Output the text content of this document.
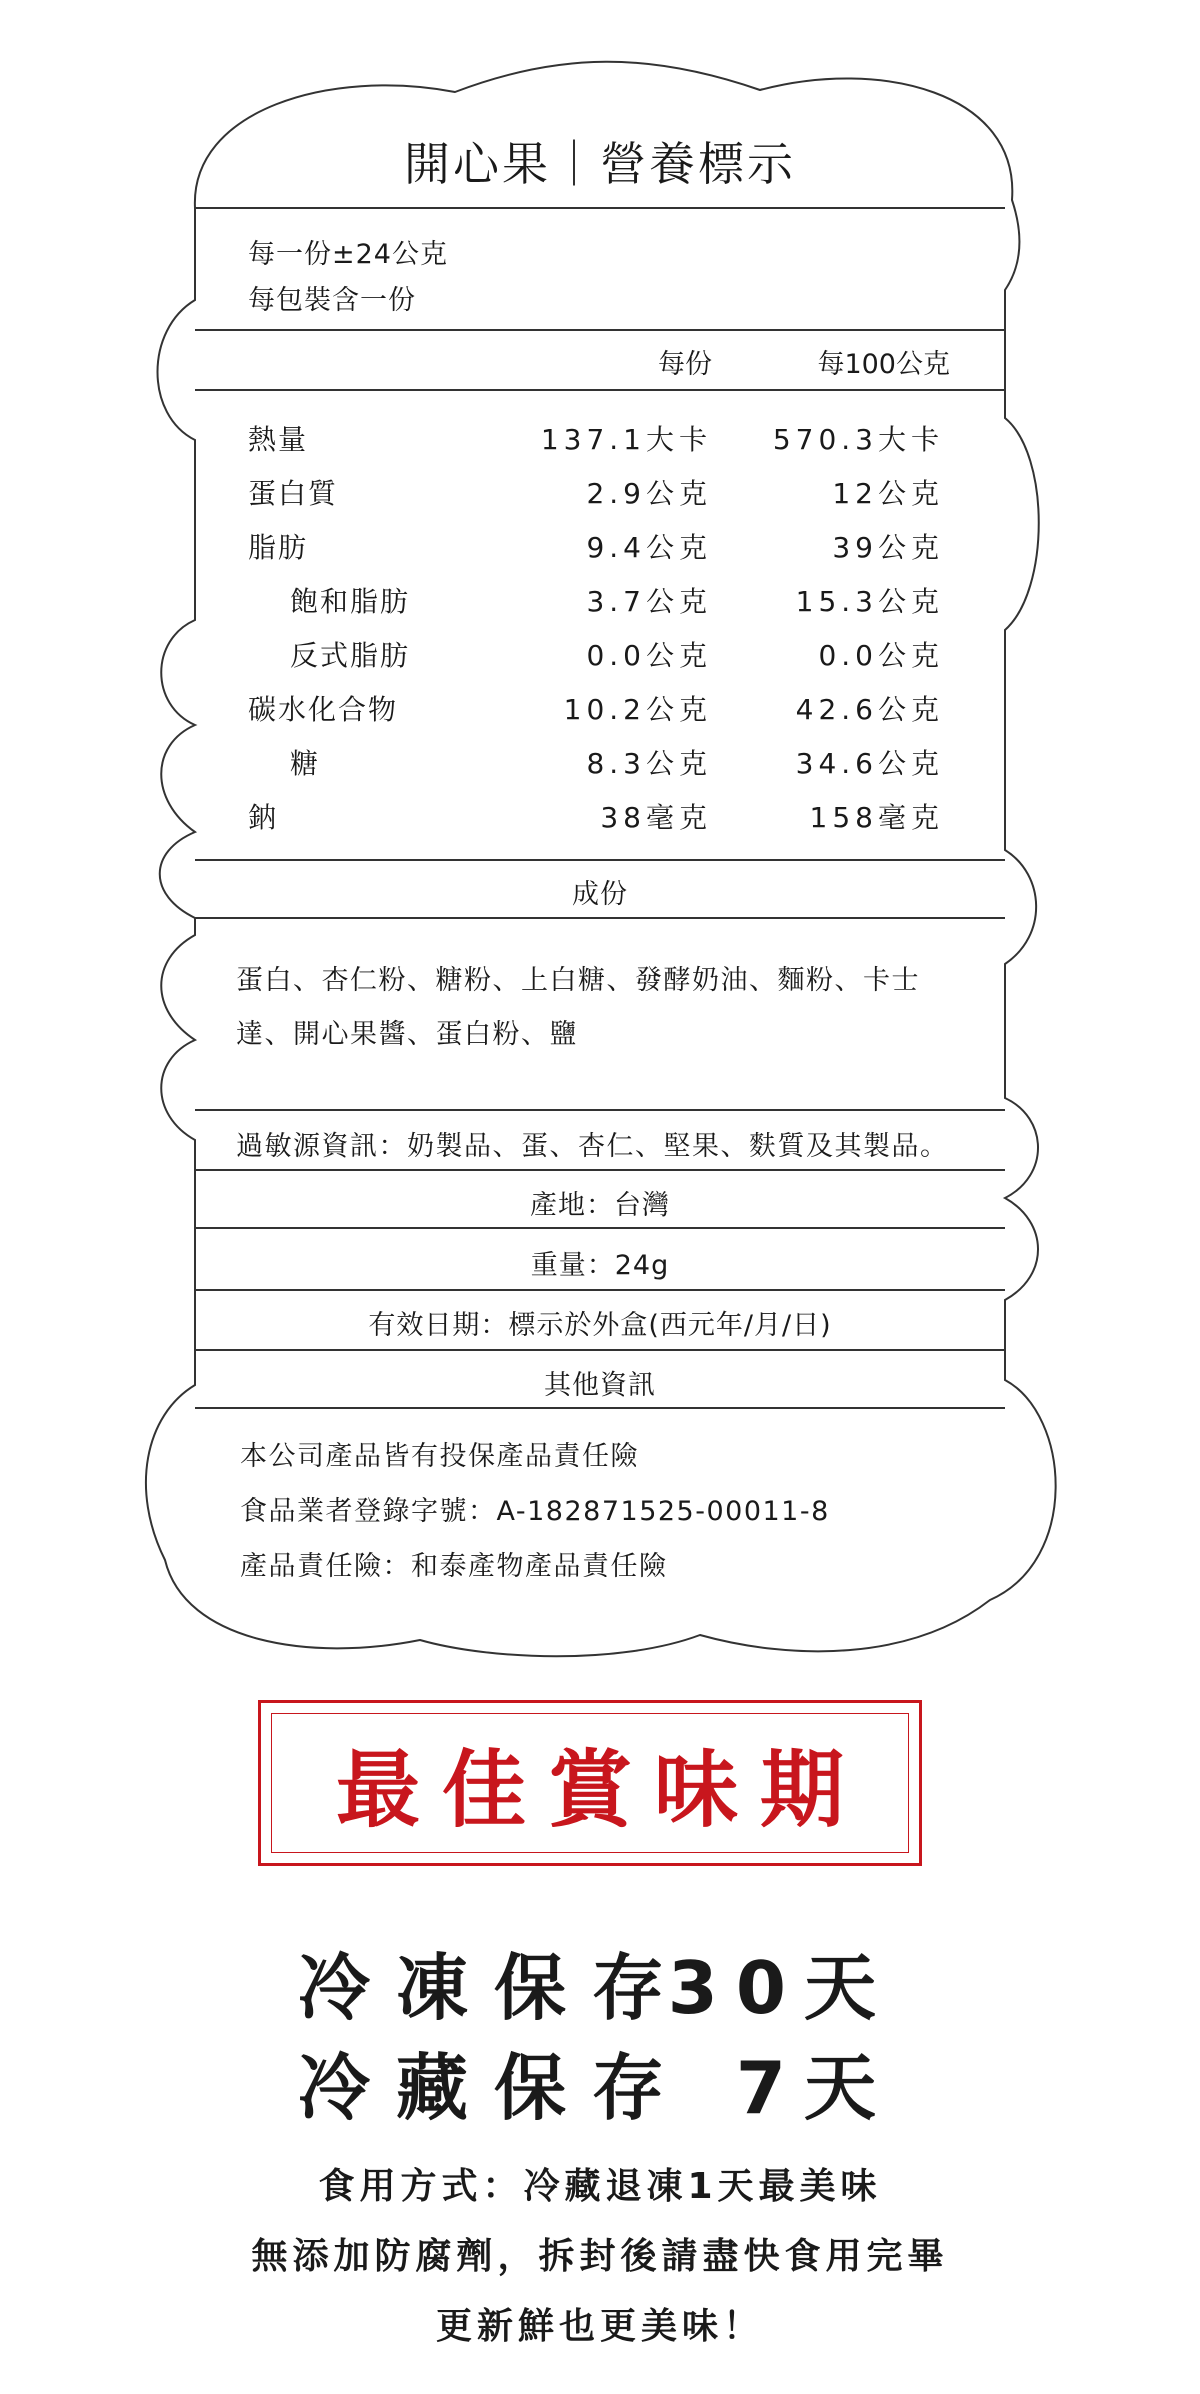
開心果｜營養標示
每一份±24公克
每包裝含一份
每份	每100公克
熱量	137.1大卡 570.3大卡
蛋白質	2.9公克	12公克
脂肪	9.4公克	39公克
飽和脂肪	3.7公克	15.3公克
反式脂肪	0.0公克	0.0公克
碳水化合物	10.2公克	42.6公克
糖	8.3公克	34.6公克
鈉	38毫克	158毫克
成份
蛋白、杏仁粉、糖粉、上白糖、發酵奶油、麵粉、卡士
達、開心果醬、蛋白粉、鹽
過敏源資訊：奶製品、蛋、杏仁、堅果、麩質及其製品。
產地：台灣
重量：24g
有效日期：標示於外盒(西元年/月/日)
其他資訊
本公司產品皆有投保產品責任險
食品業者登錄字號：A-182871525-00011-8
產品責任險：和泰產物產品責任險
最佳賞味期
冷凍保存
30天
冷藏保存 7天
食用方式：冷藏退凍1天最美味
無添加防腐劑，拆封後請盡快食用完畢
更新鮮也更美味！
